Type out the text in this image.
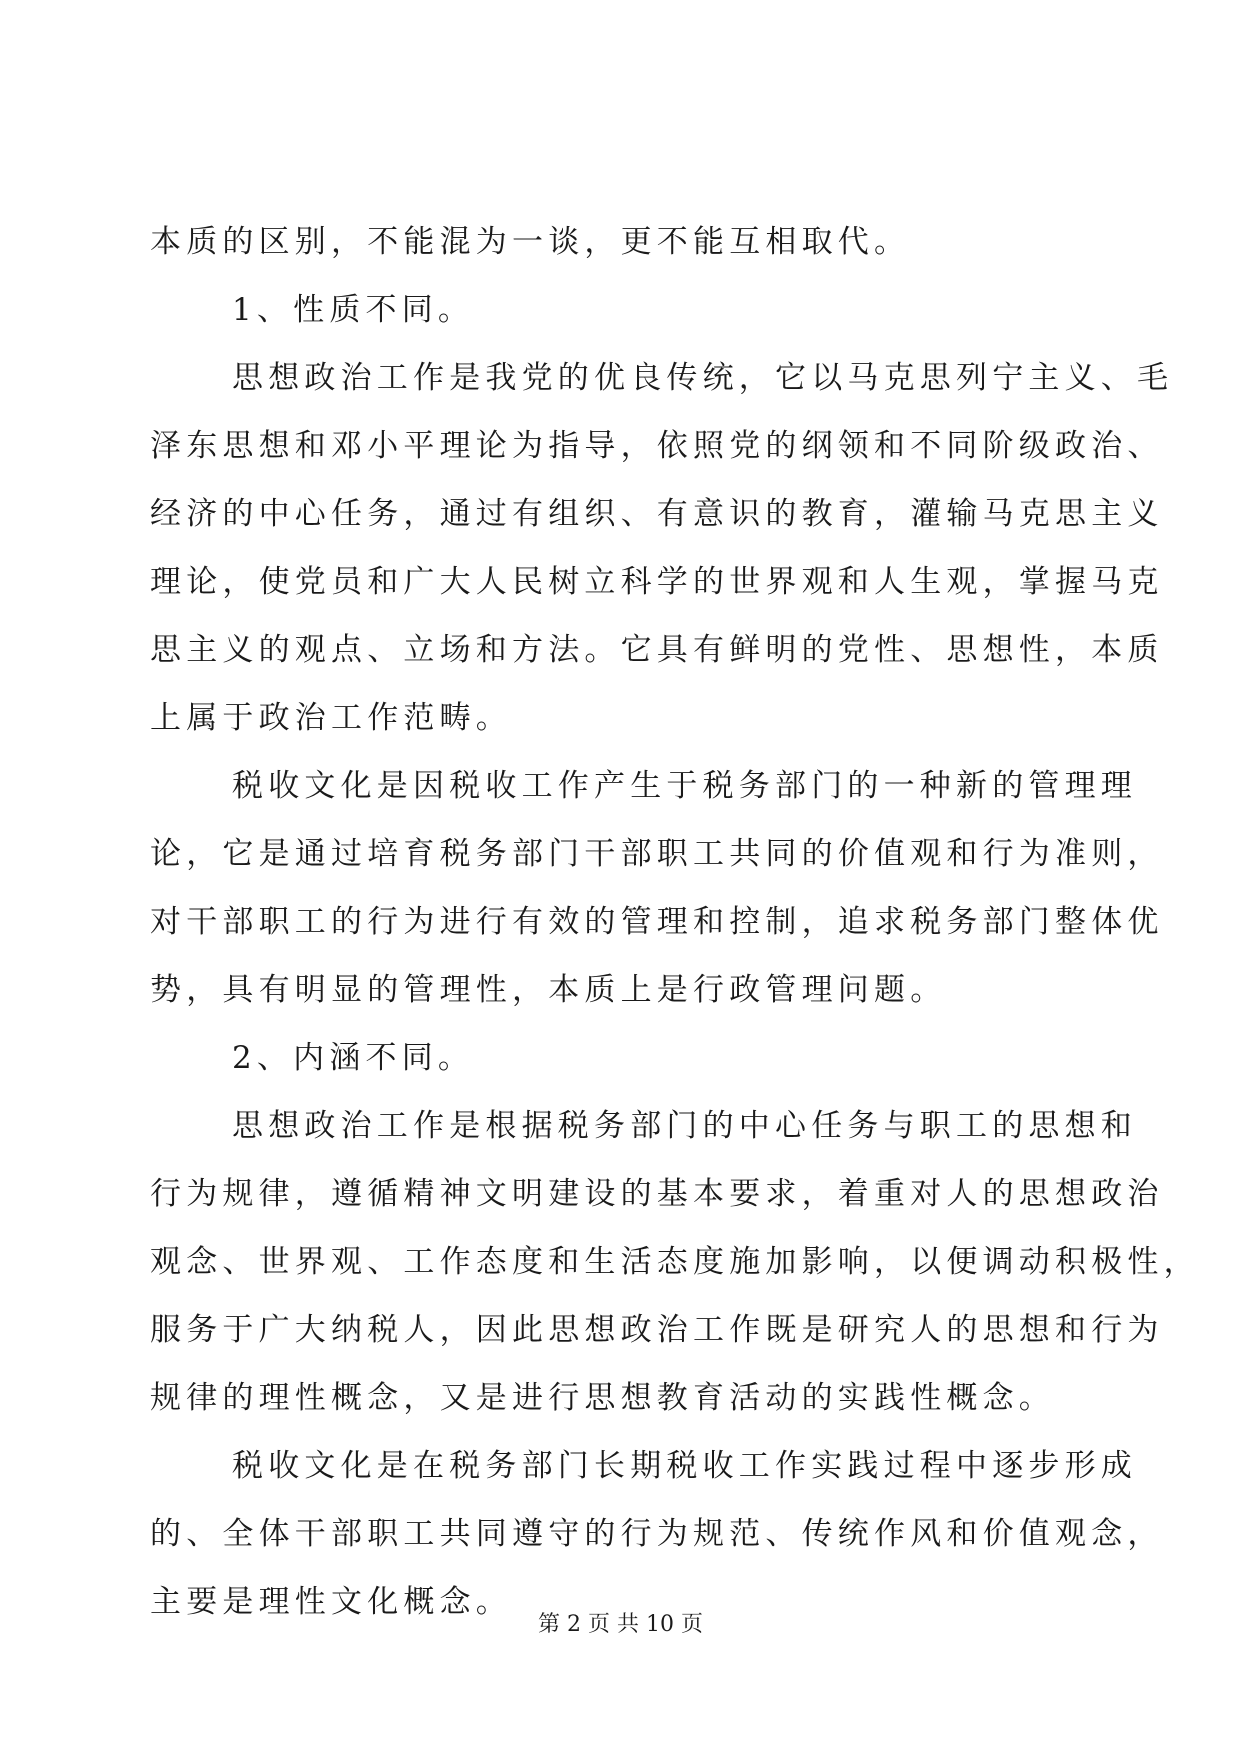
本质的区别，不能混为一谈，更不能互相取代。
1、性质不同。
思想政治工作是我党的优良传统，它以马克思列宁主义、毛
泽东思想和邓小平理论为指导，依照党的纲领和不同阶级政治、
经济的中心任务，通过有组织、有意识的教育，灌输马克思主义
理论，使党员和广大人民树立科学的世界观和人生观，掌握马克
思主义的观点、立场和方法。它具有鲜明的党性、思想性，本质
上属于政治工作范畴。
税收文化是因税收工作产生于税务部门的一种新的管理理
论，它是通过培育税务部门干部职工共同的价值观和行为准则，
对干部职工的行为进行有效的管理和控制，追求税务部门整体优
势，具有明显的管理性，本质上是行政管理问题。
2、内涵不同。
思想政治工作是根据税务部门的中心任务与职工的思想和
行为规律，遵循精神文明建设的基本要求，着重对人的思想政治
观念、世界观、工作态度和生活态度施加影响，以便调动积极性，
服务于广大纳税人，因此思想政治工作既是研究人的思想和行为
规律的理性概念，又是进行思想教育活动的实践性概念。
税收文化是在税务部门长期税收工作实践过程中逐步形成
的、全体干部职工共同遵守的行为规范、传统作风和价值观念，
主要是理性文化概念。
第 2 页 共 10 页
